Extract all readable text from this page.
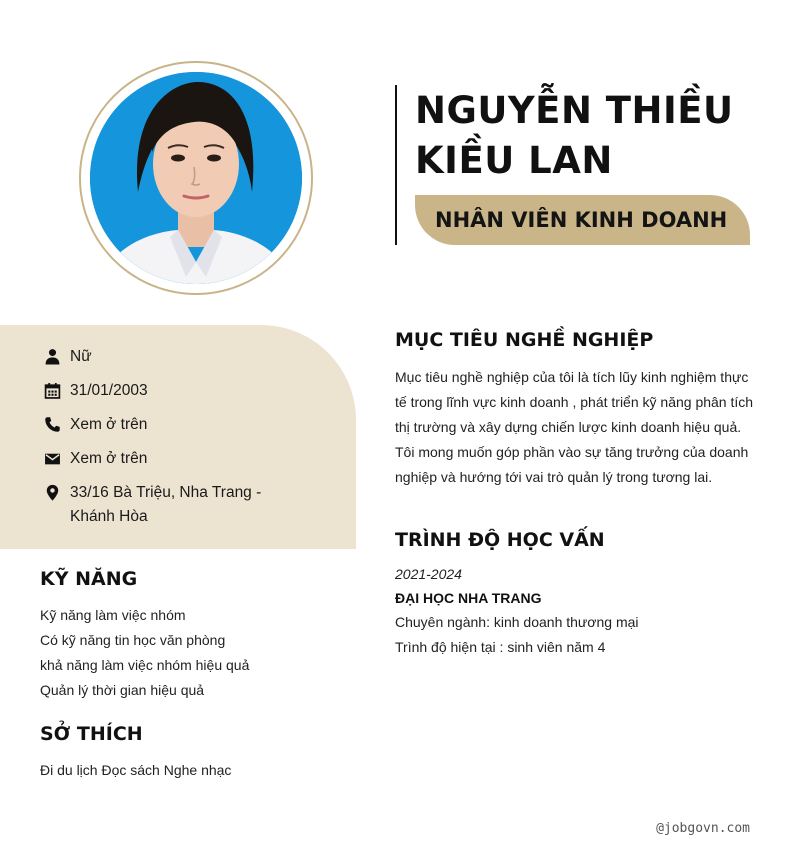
NGUYỄN THIỀU
KIỀU LAN
NHÂN VIÊN KINH DOANH
Nữ
31/01/2003
Xem ở trên
Xem ở trên
33/16 Bà Triệu, Nha Trang -
Khánh Hòa
KỸ NĂNG
Kỹ năng làm việc nhóm
Có kỹ năng tin học văn phòng
khả năng làm việc nhóm hiệu quả
Quản lý thời gian hiệu quả
SỞ THÍCH
Đi du lịch Đọc sách Nghe nhạc
MỤC TIÊU NGHỀ NGHIỆP
Mục tiêu nghề nghiệp của tôi là tích lũy kinh nghiệm thực tế trong lĩnh vực kinh doanh , phát triển kỹ năng phân tích thị trường và xây dựng chiến lược kinh doanh hiệu quả. Tôi mong muốn góp phần vào sự tăng trưởng của doanh nghiệp và hướng tới vai trò quản lý trong tương lai.
TRÌNH ĐỘ HỌC VẤN
2021-2024
ĐẠI HỌC NHA TRANG
Chuyên ngành: kinh doanh thương mại
Trình độ hiện tại : sinh viên năm 4
@jobgovn.com
